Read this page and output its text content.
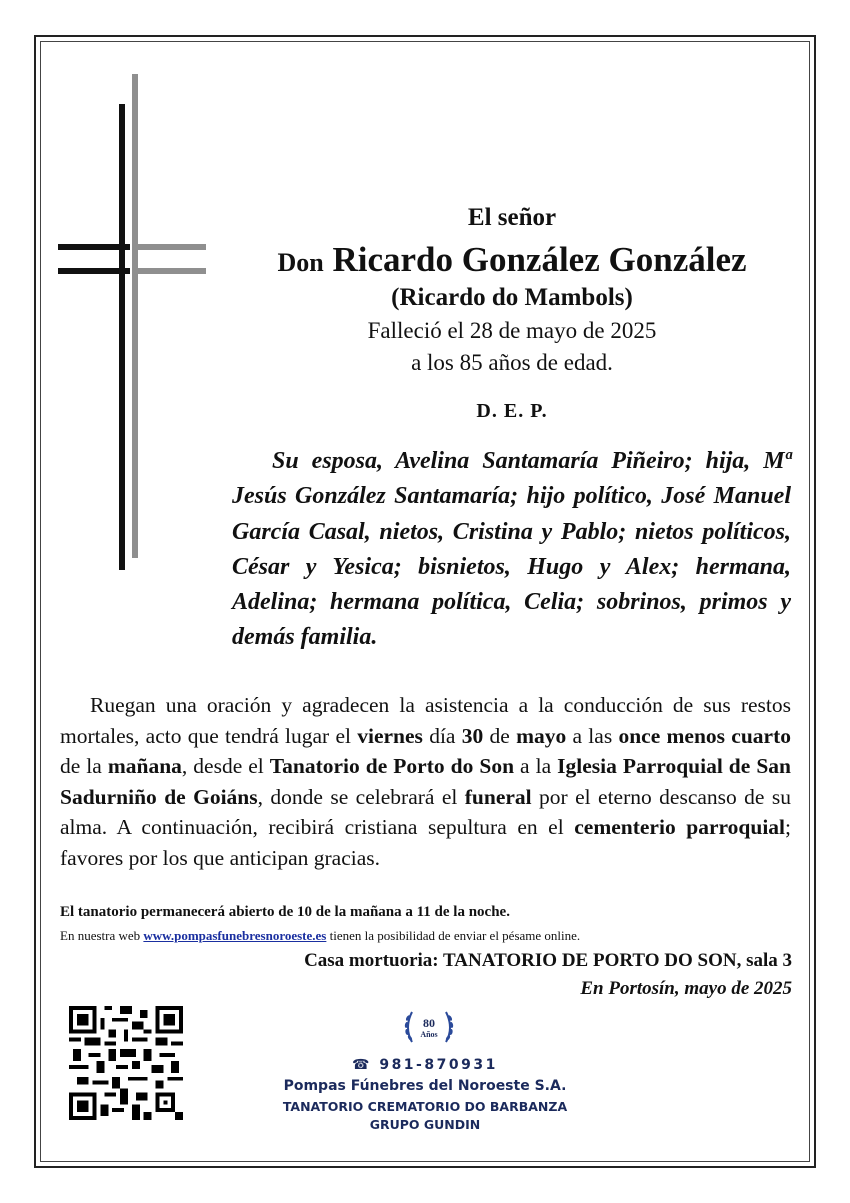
El señor
Don Ricardo González González
(Ricardo do Mambols)
Falleció el 28 de mayo de 2025
a los 85 años de edad.
D. E. P.
Su esposa, Avelina Santamaría Piñeiro; hija, Mª Jesús González Santamaría; hijo político, José Manuel García Casal, nietos, Cristina y Pablo; nietos políticos, César y Yesica; bisnietos, Hugo y Alex; hermana, Adelina; hermana política, Celia; sobrinos, primos y demás familia.
Ruegan una oración y agradecen la asistencia a la conducción de sus restos mortales, acto que tendrá lugar el viernes día 30 de mayo a las once menos cuarto de la mañana, desde el Tanatorio de Porto do Son a la Iglesia Parroquial de San Sadurniño de Goiáns, donde se celebrará el funeral por el eterno descanso de su alma. A continuación, recibirá cristiana sepultura en el cementerio parroquial; favores por los que anticipan gracias.
El tanatorio permanecerá abierto de 10 de la mañana a 11 de la noche.
En nuestra web www.pompasfunebresnoroeste.es tienen la posibilidad de enviar el pésame online.
Casa mortuoria: TANATORIO DE PORTO DO SON, sala 3
En Portosín, mayo de 2025
80
Años
☎ 981-870931
Pompas Fúnebres del Noroeste S.A.
TANATORIO CREMATORIO DO BARBANZA
GRUPO GUNDIN
